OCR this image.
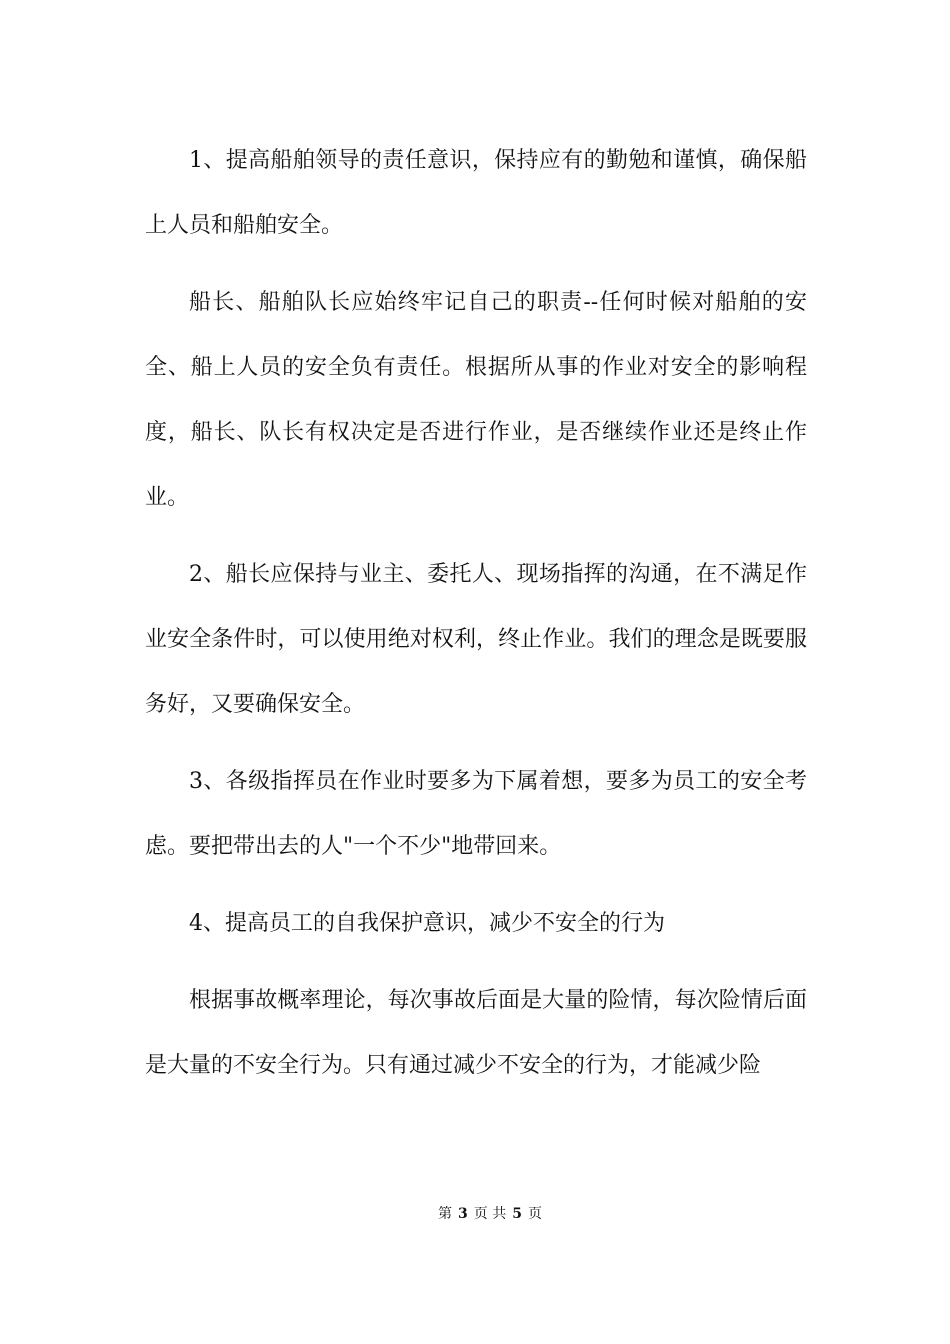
1、提高船舶领导的责任意识，保持应有的勤勉和谨慎，确保船上人员和船舶安全。

船长、船舶队长应始终牢记自己的职责--任何时候对船舶的安全、船上人员的安全负有责任。根据所从事的作业对安全的影响程度，船长、队长有权决定是否进行作业，是否继续作业还是终止作业。

2、船长应保持与业主、委托人、现场指挥的沟通，在不满足作业安全条件时，可以使用绝对权利，终止作业。我们的理念是既要服务好，又要确保安全。

3、各级指挥员在作业时要多为下属着想，要多为员工的安全考虑。要把带出去的人"一个不少"地带回来。

4、提高员工的自我保护意识，减少不安全的行为

根据事故概率理论，每次事故后面是大量的险情，每次险情后面是大量的不安全行为。只有通过减少不安全的行为，才能减少险

第 3 页 共 5 页
